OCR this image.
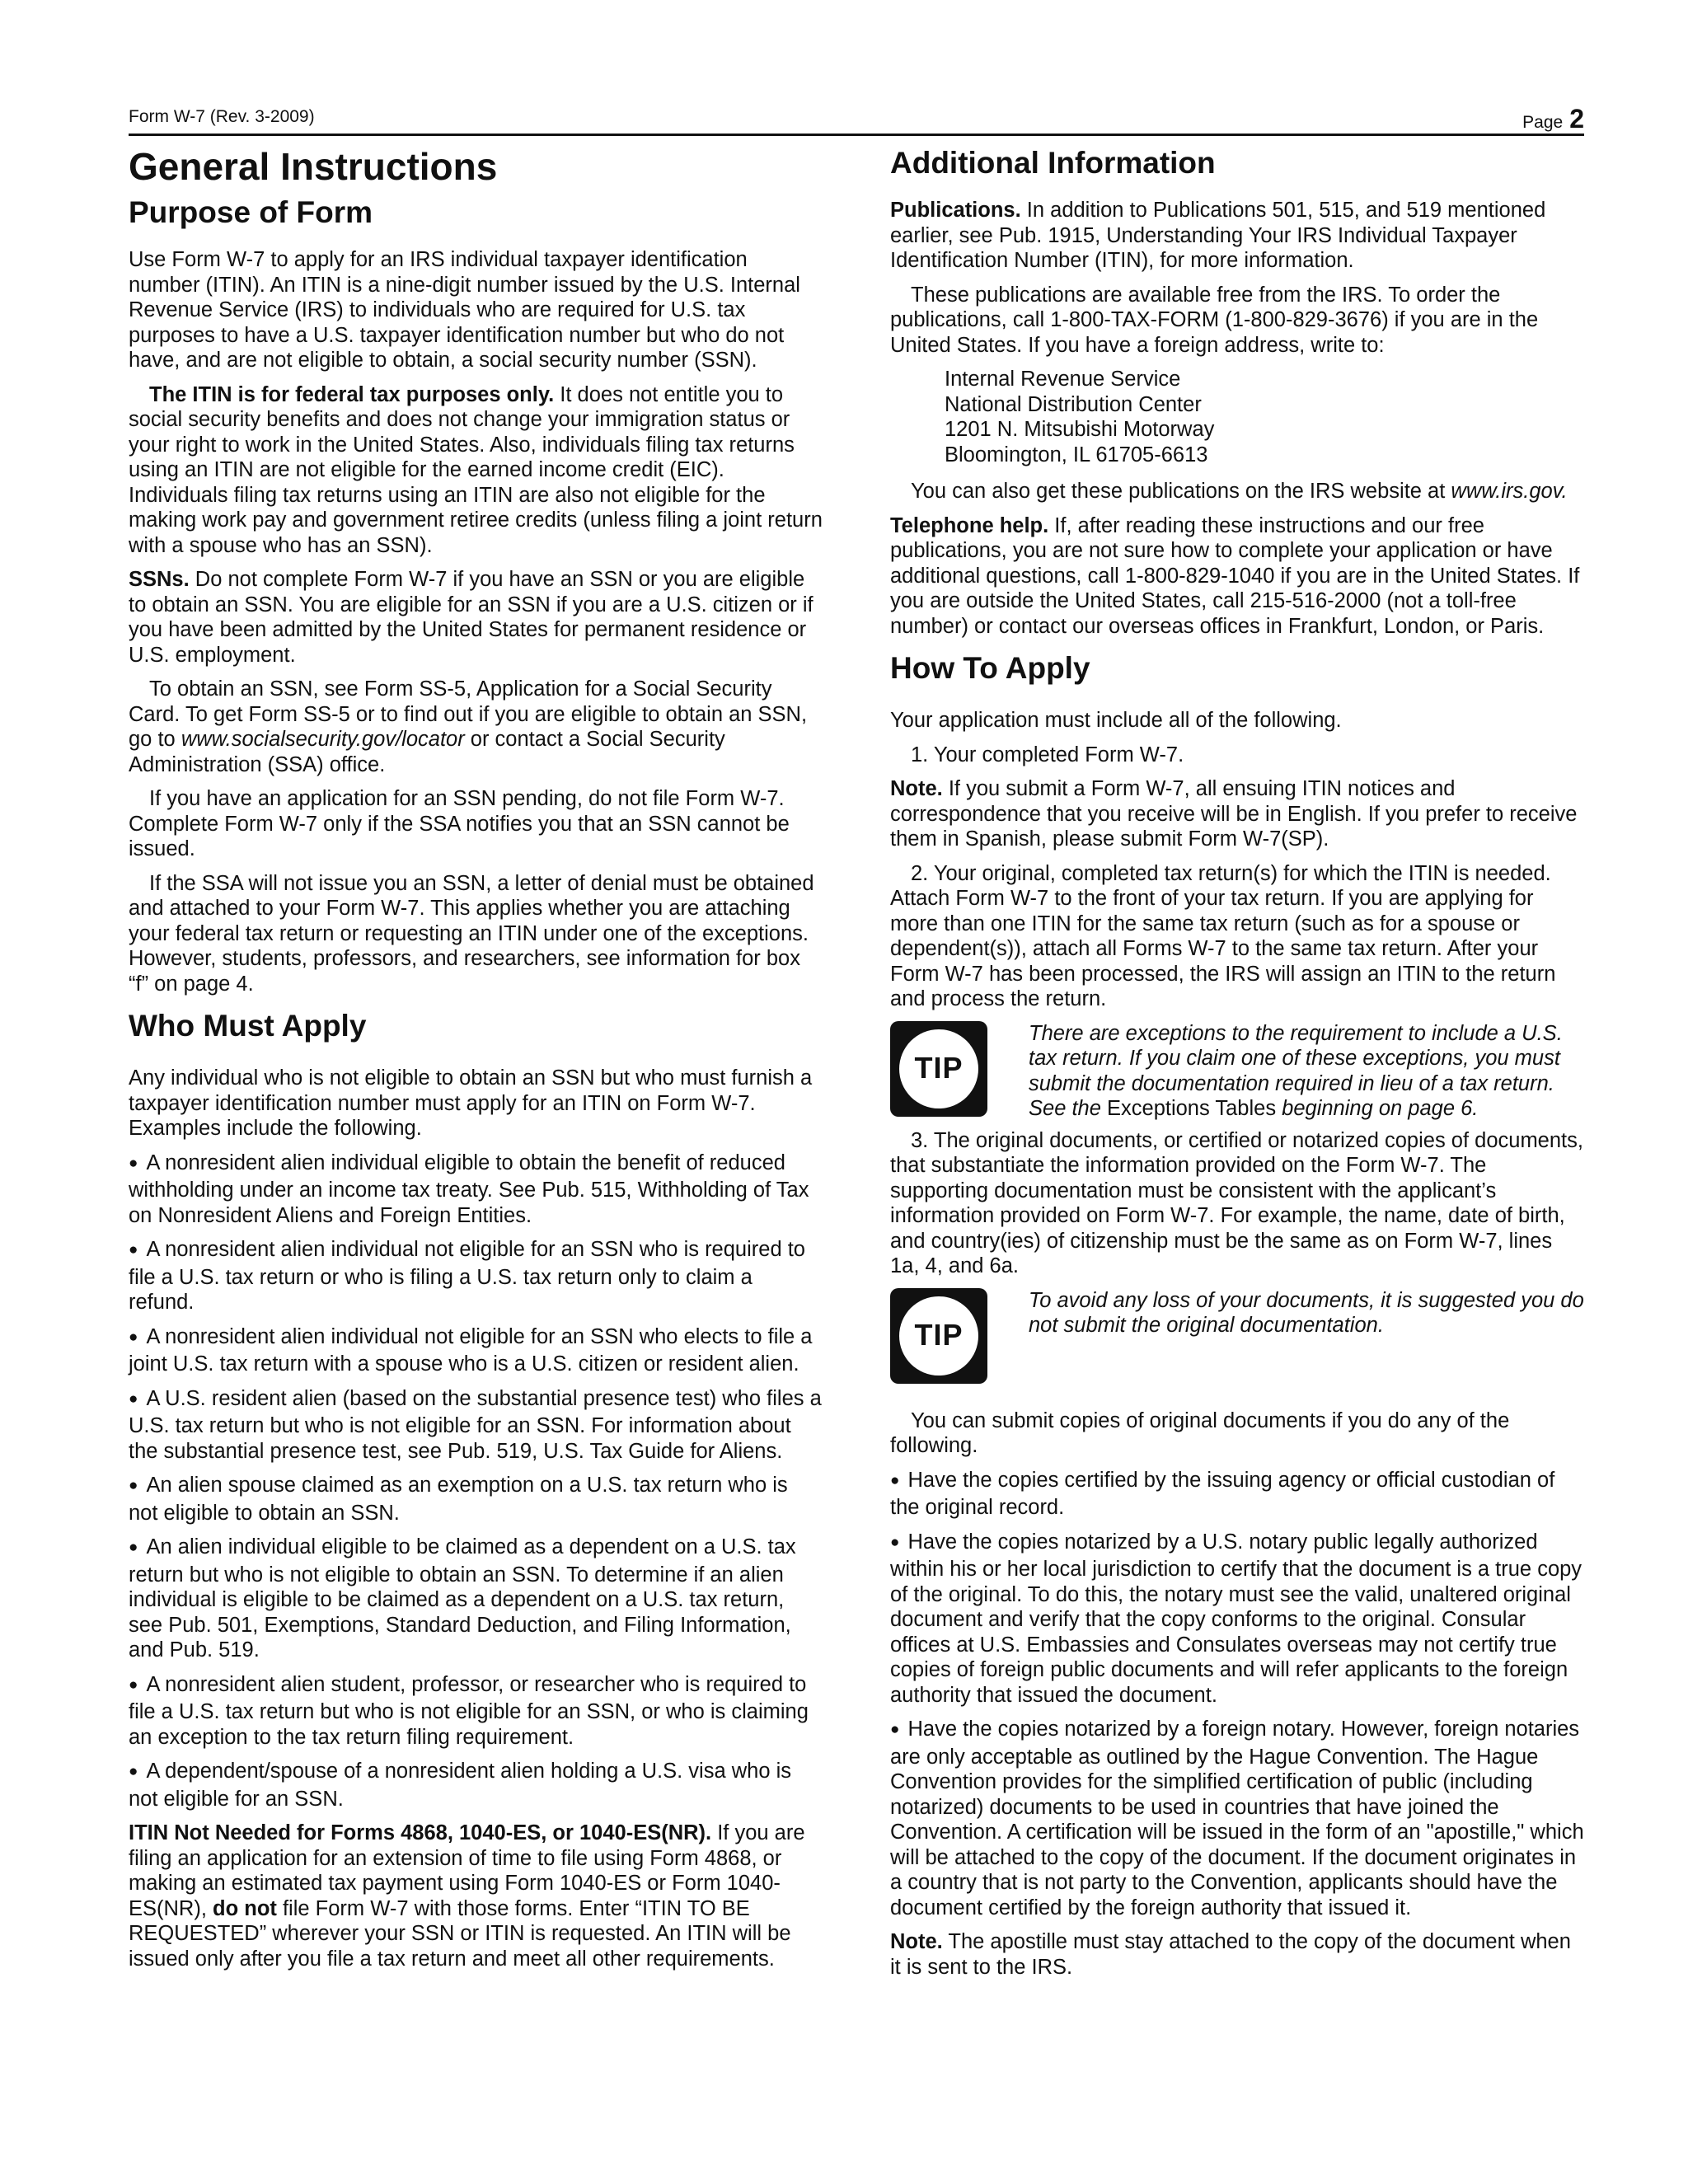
Form W-7 (Rev. 3-2009)	Page 2
General Instructions
Purpose of Form

Use Form W-7 to apply for an IRS individual taxpayer identification number (ITIN). An ITIN is a nine-digit number issued by the U.S. Internal Revenue Service (IRS) to individuals who are required for U.S. tax purposes to have a U.S. taxpayer identification number but who do not have, and are not eligible to obtain, a social security number (SSN).

The ITIN is for federal tax purposes only. It does not entitle you to social security benefits and does not change your immigration status or your right to work in the United States. Also, individuals filing tax returns using an ITIN are not eligible for the earned income credit (EIC). Individuals filing tax returns using an ITIN are also not eligible for the making work pay and government retiree credits (unless filing a joint return with a spouse who has an SSN).

SSNs. Do not complete Form W-7 if you have an SSN or you are eligible to obtain an SSN. You are eligible for an SSN if you are a U.S. citizen or if you have been admitted by the United States for permanent residence or U.S. employment.

To obtain an SSN, see Form SS-5, Application for a Social Security Card. To get Form SS-5 or to find out if you are eligible to obtain an SSN, go to www.socialsecurity.gov/locator or contact a Social Security Administration (SSA) office.

If you have an application for an SSN pending, do not file Form W-7. Complete Form W-7 only if the SSA notifies you that an SSN cannot be issued.

If the SSA will not issue you an SSN, a letter of denial must be obtained and attached to your Form W-7. This applies whether you are attaching your federal tax return or requesting an ITIN under one of the exceptions. However, students, professors, and researchers, see information for box “f” on page 4.

Who Must Apply

Any individual who is not eligible to obtain an SSN but who must furnish a taxpayer identification number must apply for an ITIN on Form W-7. Examples include the following.

● A nonresident alien individual eligible to obtain the benefit of reduced withholding under an income tax treaty. See Pub. 515, Withholding of Tax on Nonresident Aliens and Foreign Entities.

● A nonresident alien individual not eligible for an SSN who is required to file a U.S. tax return or who is filing a U.S. tax return only to claim a refund.

● A nonresident alien individual not eligible for an SSN who elects to file a joint U.S. tax return with a spouse who is a U.S. citizen or resident alien.

● A U.S. resident alien (based on the substantial presence test) who files a U.S. tax return but who is not eligible for an SSN. For information about the substantial presence test, see Pub. 519, U.S. Tax Guide for Aliens.

● An alien spouse claimed as an exemption on a U.S. tax return who is not eligible to obtain an SSN.

● An alien individual eligible to be claimed as a dependent on a U.S. tax return but who is not eligible to obtain an SSN. To determine if an alien individual is eligible to be claimed as a dependent on a U.S. tax return, see Pub. 501, Exemptions, Standard Deduction, and Filing Information, and Pub. 519.

● A nonresident alien student, professor, or researcher who is required to file a U.S. tax return but who is not eligible for an SSN, or who is claiming an exception to the tax return filing requirement.

● A dependent/spouse of a nonresident alien holding a U.S. visa who is not eligible for an SSN.

ITIN Not Needed for Forms 4868, 1040-ES, or 1040-ES(NR). If you are filing an application for an extension of time to file using Form 4868, or making an estimated tax payment using Form 1040-ES or Form 1040-ES(NR), do not file Form W-7 with those forms. Enter “ITIN TO BE REQUESTED” wherever your SSN or ITIN is requested. An ITIN will be issued only after you file a tax return and meet all other requirements.

Additional Information

Publications. In addition to Publications 501, 515, and 519 mentioned earlier, see Pub. 1915, Understanding Your IRS Individual Taxpayer Identification Number (ITIN), for more information.

These publications are available free from the IRS. To order the publications, call 1-800-TAX-FORM (1-800-829-3676) if you are in the United States. If you have a foreign address, write to:

Internal Revenue Service
National Distribution Center
1201 N. Mitsubishi Motorway
Bloomington, IL 61705-6613

You can also get these publications on the IRS website at www.irs.gov.

Telephone help. If, after reading these instructions and our free publications, you are not sure how to complete your application or have additional questions, call 1-800-829-1040 if you are in the United States. If you are outside the United States, call 215-516-2000 (not a toll-free number) or contact our overseas offices in Frankfurt, London, or Paris.

How To Apply

Your application must include all of the following.

1. Your completed Form W-7.

Note. If you submit a Form W-7, all ensuing ITIN notices and correspondence that you receive will be in English. If you prefer to receive them in Spanish, please submit Form W-7(SP).

2. Your original, completed tax return(s) for which the ITIN is needed. Attach Form W-7 to the front of your tax return. If you are applying for more than one ITIN for the same tax return (such as for a spouse or dependent(s)), attach all Forms W-7 to the same tax return. After your Form W-7 has been processed, the IRS will assign an ITIN to the return and process the return.

TIP
There are exceptions to the requirement to include a U.S. tax return. If you claim one of these exceptions, you must submit the documentation required in lieu of a tax return. See the Exceptions Tables beginning on page 6.

3. The original documents, or certified or notarized copies of documents, that substantiate the information provided on the Form W-7. The supporting documentation must be consistent with the applicant’s information provided on Form W-7. For example, the name, date of birth, and country(ies) of citizenship must be the same as on Form W-7, lines 1a, 4, and 6a.

TIP
To avoid any loss of your documents, it is suggested you do not submit the original documentation.

You can submit copies of original documents if you do any of the following.

● Have the copies certified by the issuing agency or official custodian of the original record.

● Have the copies notarized by a U.S. notary public legally authorized within his or her local jurisdiction to certify that the document is a true copy of the original. To do this, the notary must see the valid, unaltered original document and verify that the copy conforms to the original. Consular offices at U.S. Embassies and Consulates overseas may not certify true copies of foreign public documents and will refer applicants to the foreign authority that issued the document.

● Have the copies notarized by a foreign notary. However, foreign notaries are only acceptable as outlined by the Hague Convention. The Hague Convention provides for the simplified certification of public (including notarized) documents to be used in countries that have joined the Convention. A certification will be issued in the form of an "apostille," which will be attached to the copy of the document. If the document originates in a country that is not party to the Convention, applicants should have the document certified by the foreign authority that issued it.

Note. The apostille must stay attached to the copy of the document when it is sent to the IRS.
